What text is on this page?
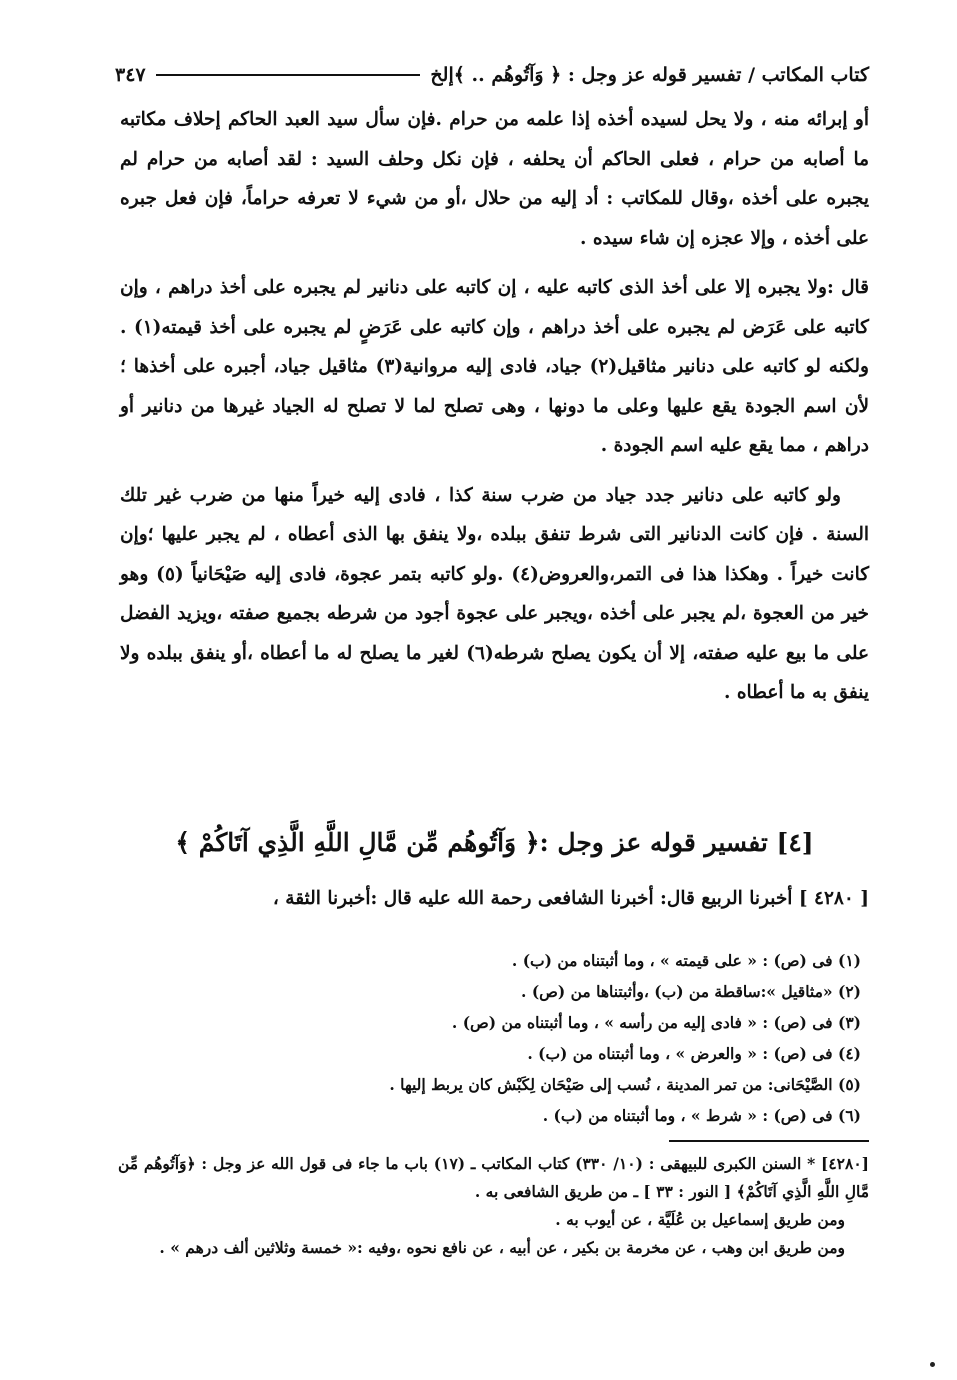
كتاب المكاتب / تفسير قوله عز وجل : ﴿ وَآتُوهُم .. ﴾إلخ
٣٤٧

أو إبرائه منه ، ولا يحل لسيده أخذه إذا علمه من حرام .فإن سأل سيد العبد الحاكم إحلاف مكاتبه ما أصابه من حرام ، فعلى الحاكم أن يحلفه ، فإن نكل وحلف السيد : لقد أصابه من حرام لم يجبره على أخذه ،وقال للمكاتب : أد إليه من حلال ،أو من شيء لا تعرفه حراماً، فإن فعل جبره على أخذه ، وإلا عجزه إن شاء سيده .

قال :ولا يجبره إلا على أخذ الذى كاتبه عليه ، إن كاتبه على دنانير لم يجبره على أخذ دراهم ، وإن كاتبه على عَرَض لم يجبره على أخذ دراهم ، وإن كاتبه على عَرَضٍ لم يجبره على أخذ قيمته(١) . ولكنه لو كاتبه على دنانير مثاقيل(٢) جياد، فادى إليه مروانية(٣) مثاقيل جياد، أجبره على أخذها ؛ لأن اسم الجودة يقع عليها وعلى ما دونها ، وهى تصلح لما لا تصلح له الجياد غيرها من دنانير أو دراهم ، مما يقع عليه اسم الجودة .

ولو كاتبه على دنانير جدد جياد من ضرب سنة كذا ، فادى إليه خيراً منها من ضرب غير تلك السنة . فإن كانت الدنانير التى شرط تنفق ببلده ،ولا ينفق بها الذى أعطاه ، لم يجبر عليها ؛وإن كانت خيراً . وهكذا هذا فى التمر،والعروض(٤) .ولو كاتبه بتمر عجوة، فادى إليه صَيْحَانياً (٥) وهو خير من العجوة ،لم يجبر على أخذه ،ويجبر على عجوة أجود من شرطه بجميع صفته ،ويزيد الفضل على ما بيع عليه صفته، إلا أن يكون يصلح شرطه(٦) لغير ما يصلح له ما أعطاه ،أو ينفق ببلده ولا ينفق به ما أعطاه .

[٤] تفسير قوله عز وجل :﴿ وَآتُوهُم مِّن مَّالِ اللَّهِ الَّذِي آتَاكُمْ ﴾
[ ٤٢٨٠ ] أخبرنا الربيع قال: أخبرنا الشافعى رحمة الله عليه قال :أخبرنا الثقة ،

(١) فى (ص) : « على قيمته » ، وما أثبتناه من (ب) .

(٢) «مثاقيل »:ساقطة من (ب) ،وأثبتناها من (ص) .

(٣) فى (ص) : « فادى إليه من رأسه » ، وما أثبتناه من (ص) .

(٤) فى (ص) : « والعرض » ، وما أثبتناه من (ب) .

(٥) الصَّيْحَانى: من تمر المدينة ، نُسب إلى صَيْحَان لِكَبْش كان يربط إليها .

(٦) فى (ص) : « شرط » ، وما أثبتناه من (ب) .

[٤٢٨٠] * السنن الكبرى للبيهقى : (١٠/ ٣٣٠) كتاب المكاتب ـ (١٧) باب ما جاء فى قول الله عز وجل : ﴿وَآتُوهُم مِّن مَّالِ اللَّهِ الَّذِي آتَاكُمْ﴾ [ النور : ٣٣ ] ـ من طريق الشافعى به .

ومن طريق إسماعيل بن عُلَيَّة ، عن أيوب به .

ومن طريق ابن وهب ، عن مخرمة بن بكير ، عن أبيه ، عن نافع نحوه ،وفيه :« خمسة وثلاثين ألف درهم » .
